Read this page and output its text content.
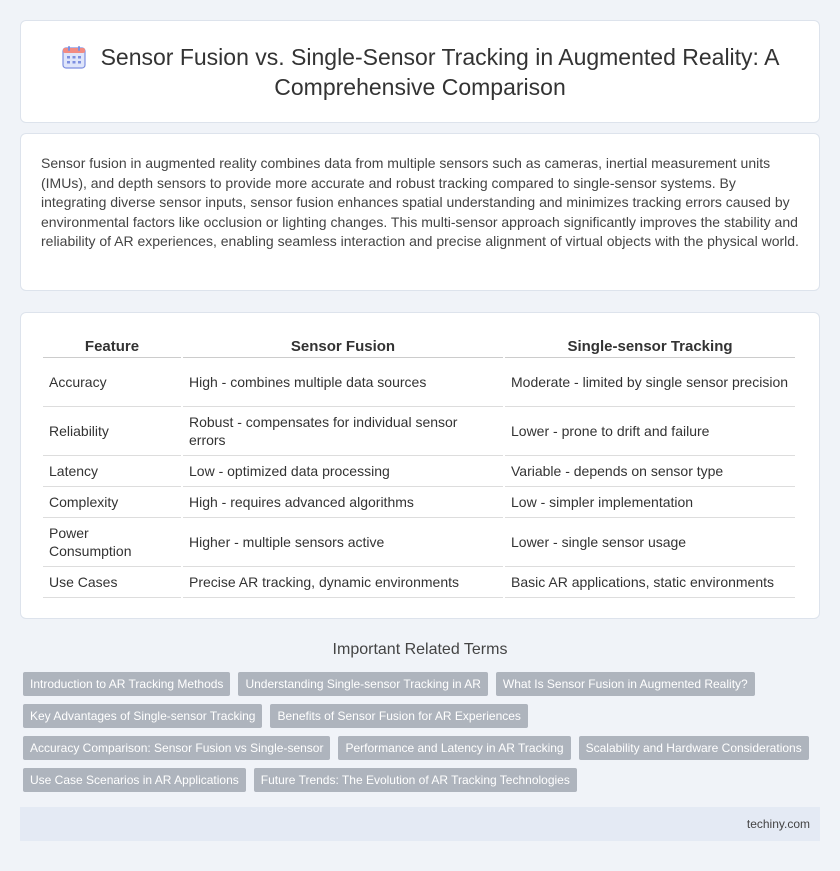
Sensor Fusion vs. Single-Sensor Tracking in Augmented Reality: A Comprehensive Comparison

Sensor fusion in augmented reality combines data from multiple sensors such as cameras, inertial measurement units (IMUs), and depth sensors to provide more accurate and robust tracking compared to single-sensor systems. By integrating diverse sensor inputs, sensor fusion enhances spatial understanding and minimizes tracking errors caused by environmental factors like occlusion or lighting changes. This multi-sensor approach significantly improves the stability and reliability of AR experiences, enabling seamless interaction and precise alignment of virtual objects with the physical world.

Feature	Sensor Fusion	Single-sensor Tracking
Accuracy	High - combines multiple data sources	Moderate - limited by single sensor precision
Reliability	Robust - compensates for individual sensor errors	Lower - prone to drift and failure
Latency	Low - optimized data processing	Variable - depends on sensor type
Complexity	High - requires advanced algorithms	Low - simpler implementation
Power Consumption	Higher - multiple sensors active	Lower - single sensor usage
Use Cases	Precise AR tracking, dynamic environments	Basic AR applications, static environments
Important Related Terms
Introduction to AR Tracking Methods	Understanding Single-sensor Tracking in AR	What Is Sensor Fusion in Augmented Reality?
Key Advantages of Single-sensor Tracking	Benefits of Sensor Fusion for AR Experiences
Accuracy Comparison: Sensor Fusion vs Single-sensor	Performance and Latency in AR Tracking	Scalability and Hardware Considerations
Use Case Scenarios in AR Applications	Future Trends: The Evolution of AR Tracking Technologies
techiny.com
